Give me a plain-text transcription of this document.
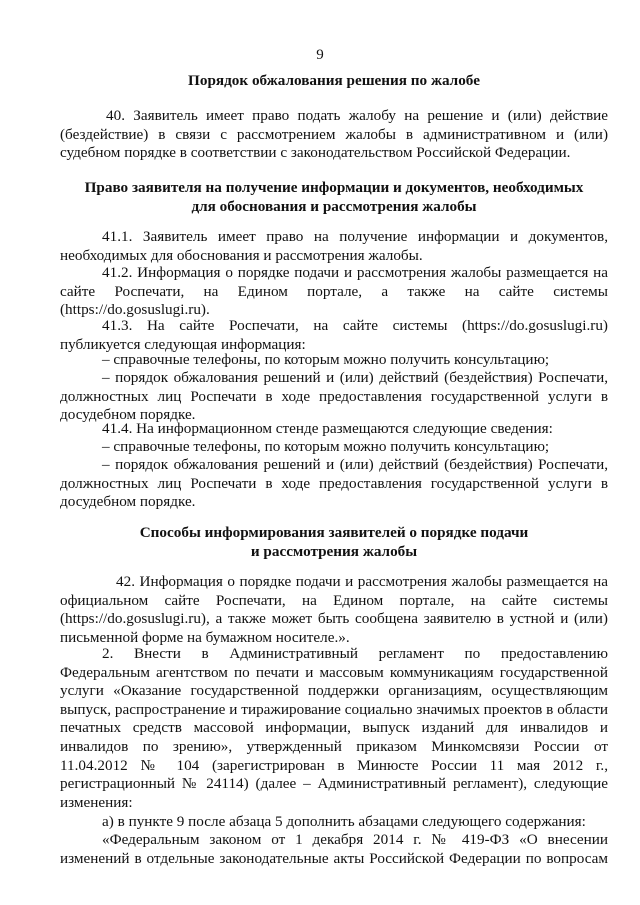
9
Порядок обжалования решения по жалобе
40. Заявитель имеет право подать жалобу на решение и (или) действие
(бездействие) в связи с рассмотрением жалобы в административном и (или)
судебном порядке в соответствии с законодательством Российской Федерации.
Право заявителя на получение информации и документов, необходимых
для обоснования и рассмотрения жалобы
41.1. Заявитель имеет право на получение информации и документов,
необходимых для обоснования и рассмотрения жалобы.
41.2. Информация о порядке подачи и рассмотрения жалобы размещается на
сайте Роспечати, на Едином портале, а также на сайте системы
(https://do.gosuslugi.ru).
41.3. На сайте Роспечати, на сайте системы (https://do.gosuslugi.ru)
публикуется следующая информация:
– справочные телефоны, по которым можно получить консультацию;
– порядок обжалования решений и (или) действий (бездействия) Роспечати,
должностных лиц Роспечати в ходе предоставления государственной услуги в
досудебном порядке.
41.4. На информационном стенде размещаются следующие сведения:
– справочные телефоны, по которым можно получить консультацию;
– порядок обжалования решений и (или) действий (бездействия) Роспечати,
должностных лиц Роспечати в ходе предоставления государственной услуги в
досудебном порядке.
Способы информирования заявителей о порядке подачи
и рассмотрения жалобы
42. Информация о порядке подачи и рассмотрения жалобы размещается на
официальном сайте Роспечати, на Едином портале, на сайте системы
(https://do.gosuslugi.ru), а также может быть сообщена заявителю в устной и (или)
письменной форме на бумажном носителе.».
2. Внести в Административный регламент по предоставлению
Федеральным агентством по печати и массовым коммуникациям государственной
услуги «Оказание государственной поддержки организациям, осуществляющим
выпуск, распространение и тиражирование социально значимых проектов в области
печатных средств массовой информации, выпуск изданий для инвалидов и
инвалидов по зрению», утвержденный приказом Минкомсвязи России от
11.04.2012 № 104 (зарегистрирован в Минюсте России 11 мая 2012 г.,
регистрационный № 24114) (далее – Административный регламент), следующие
изменения:
а) в пункте 9 после абзаца 5 дополнить абзацами следующего содержания:
«Федеральным законом от 1 декабря 2014 г. № 419-ФЗ «О внесении
изменений в отдельные законодательные акты Российской Федерации по вопросам
